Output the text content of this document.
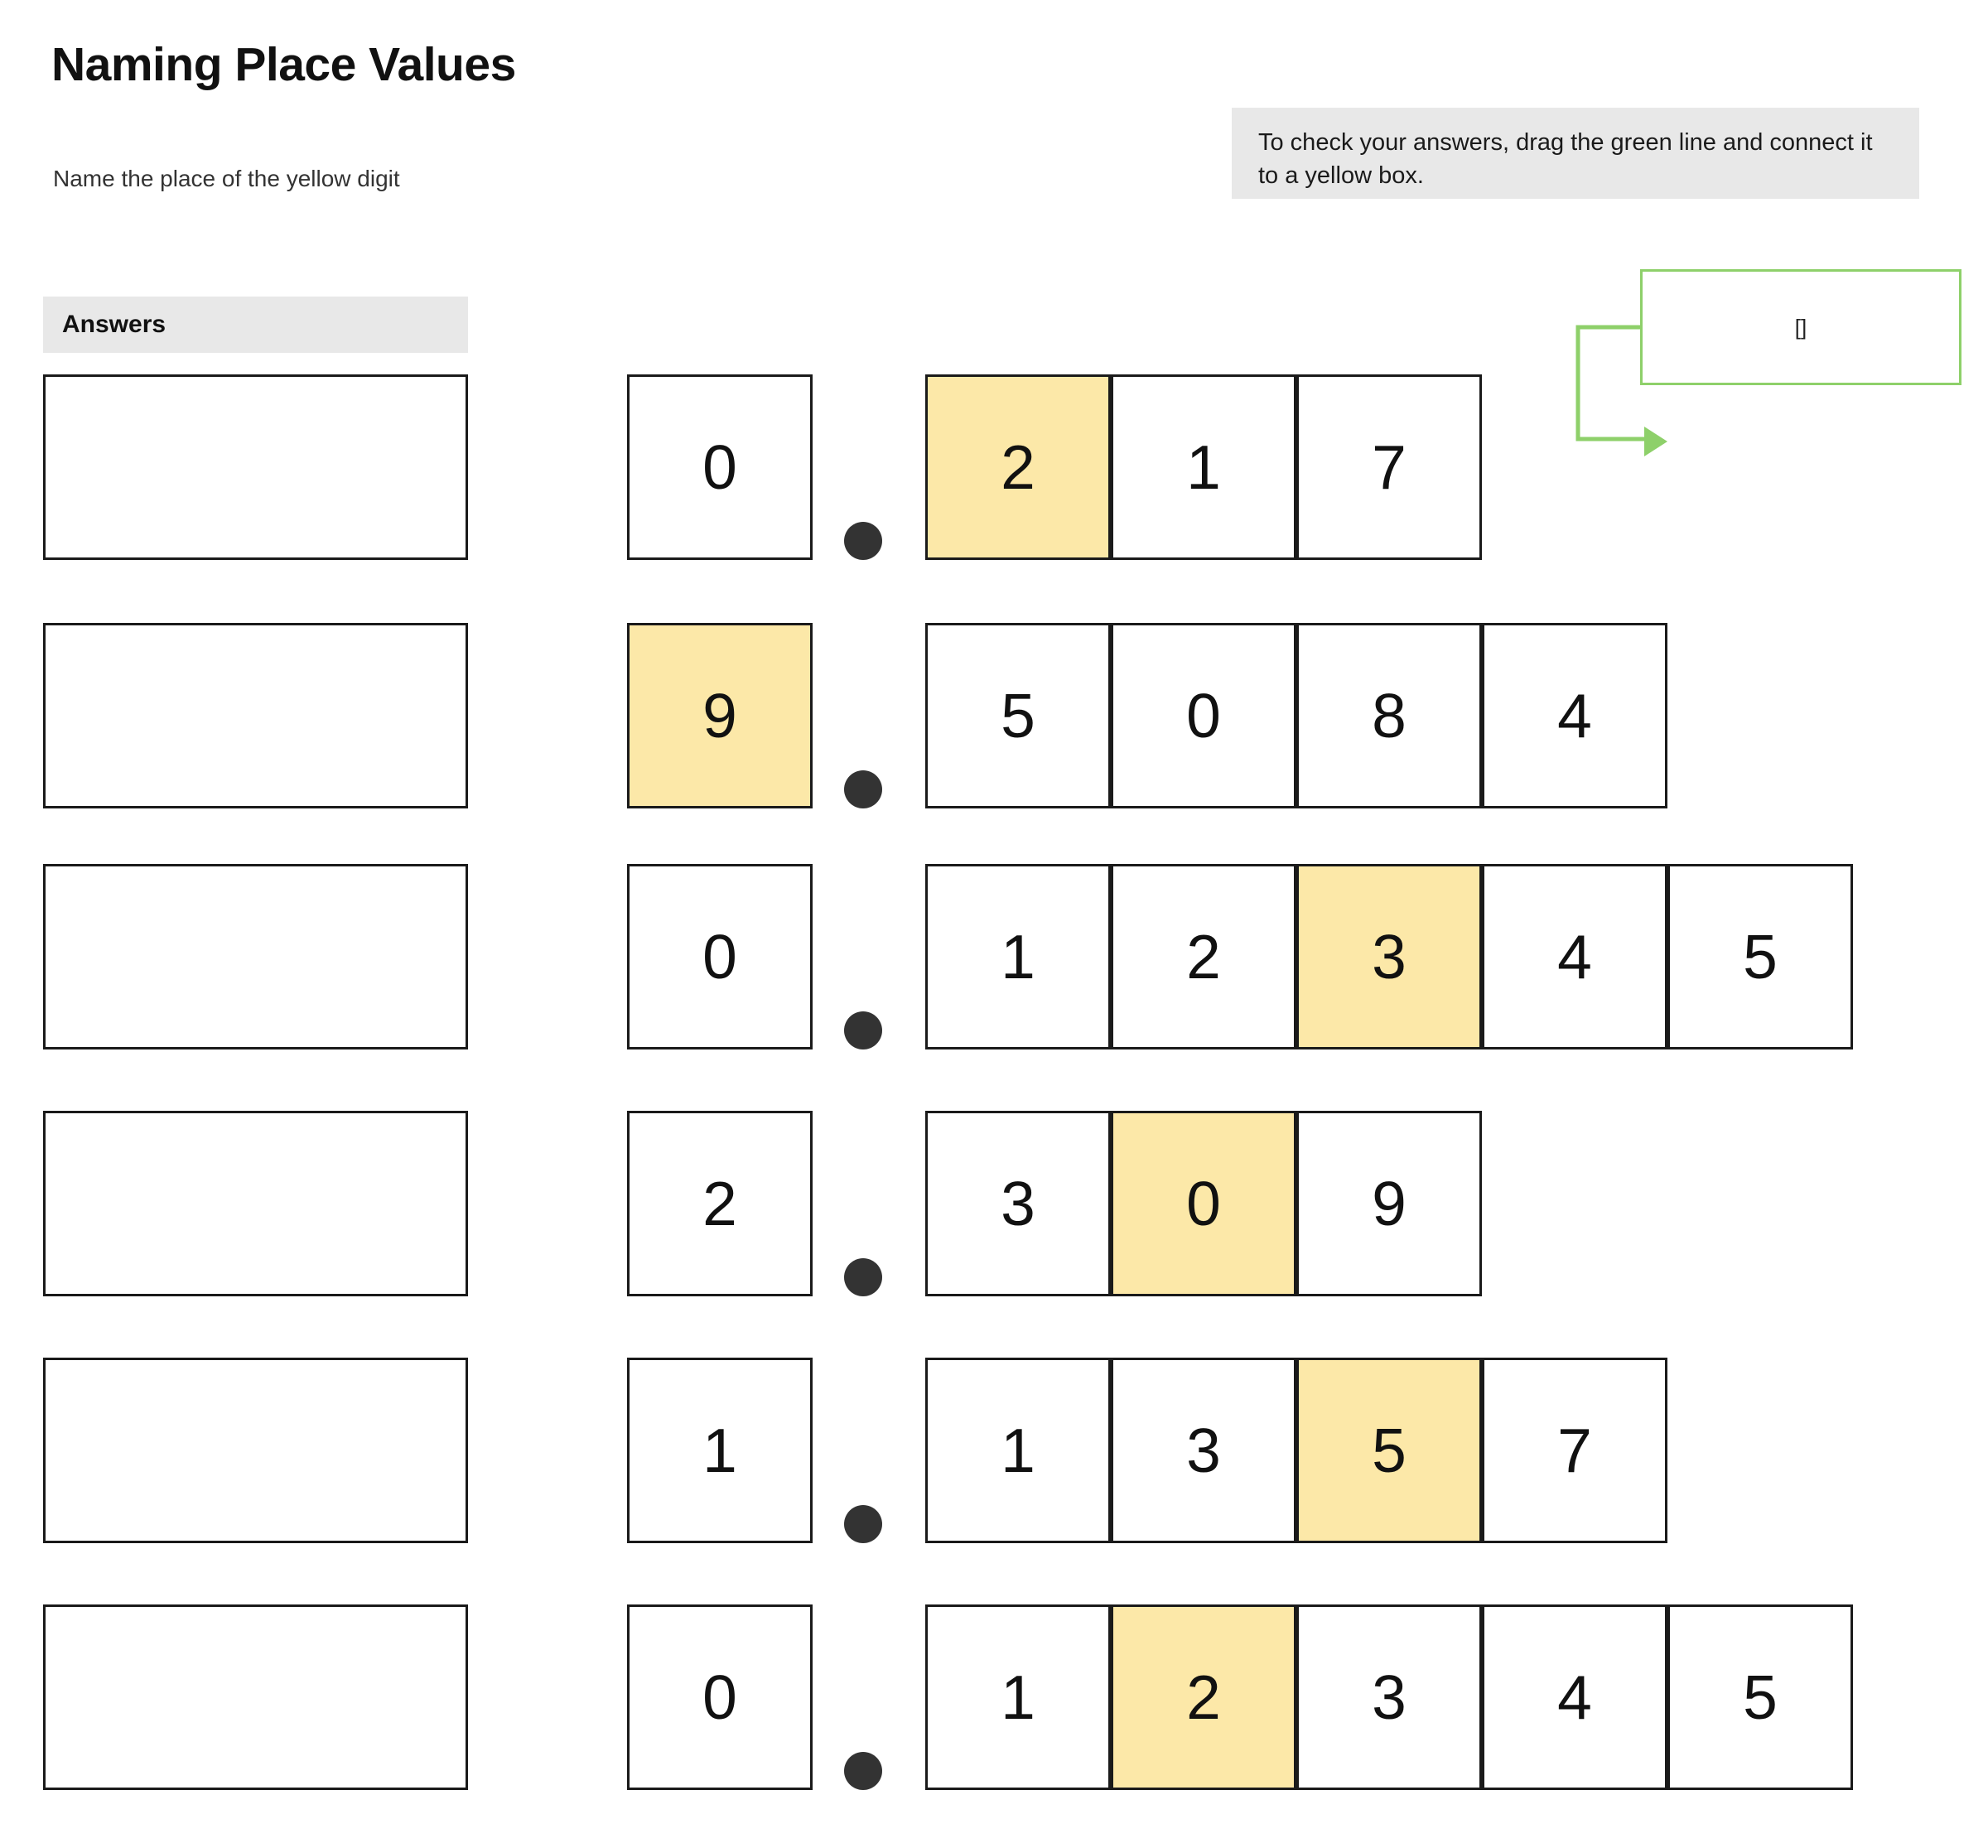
Naming Place Values
Name the place of the yellow digit
To check your answers, drag the green line and connect it to a yellow box.
[]
Answers
0	2	1	7
9	5	0	8	4
0	1	2	3	4	5
2	3	0	9
1	1	3	5	7
0	1	2	3	4	5
